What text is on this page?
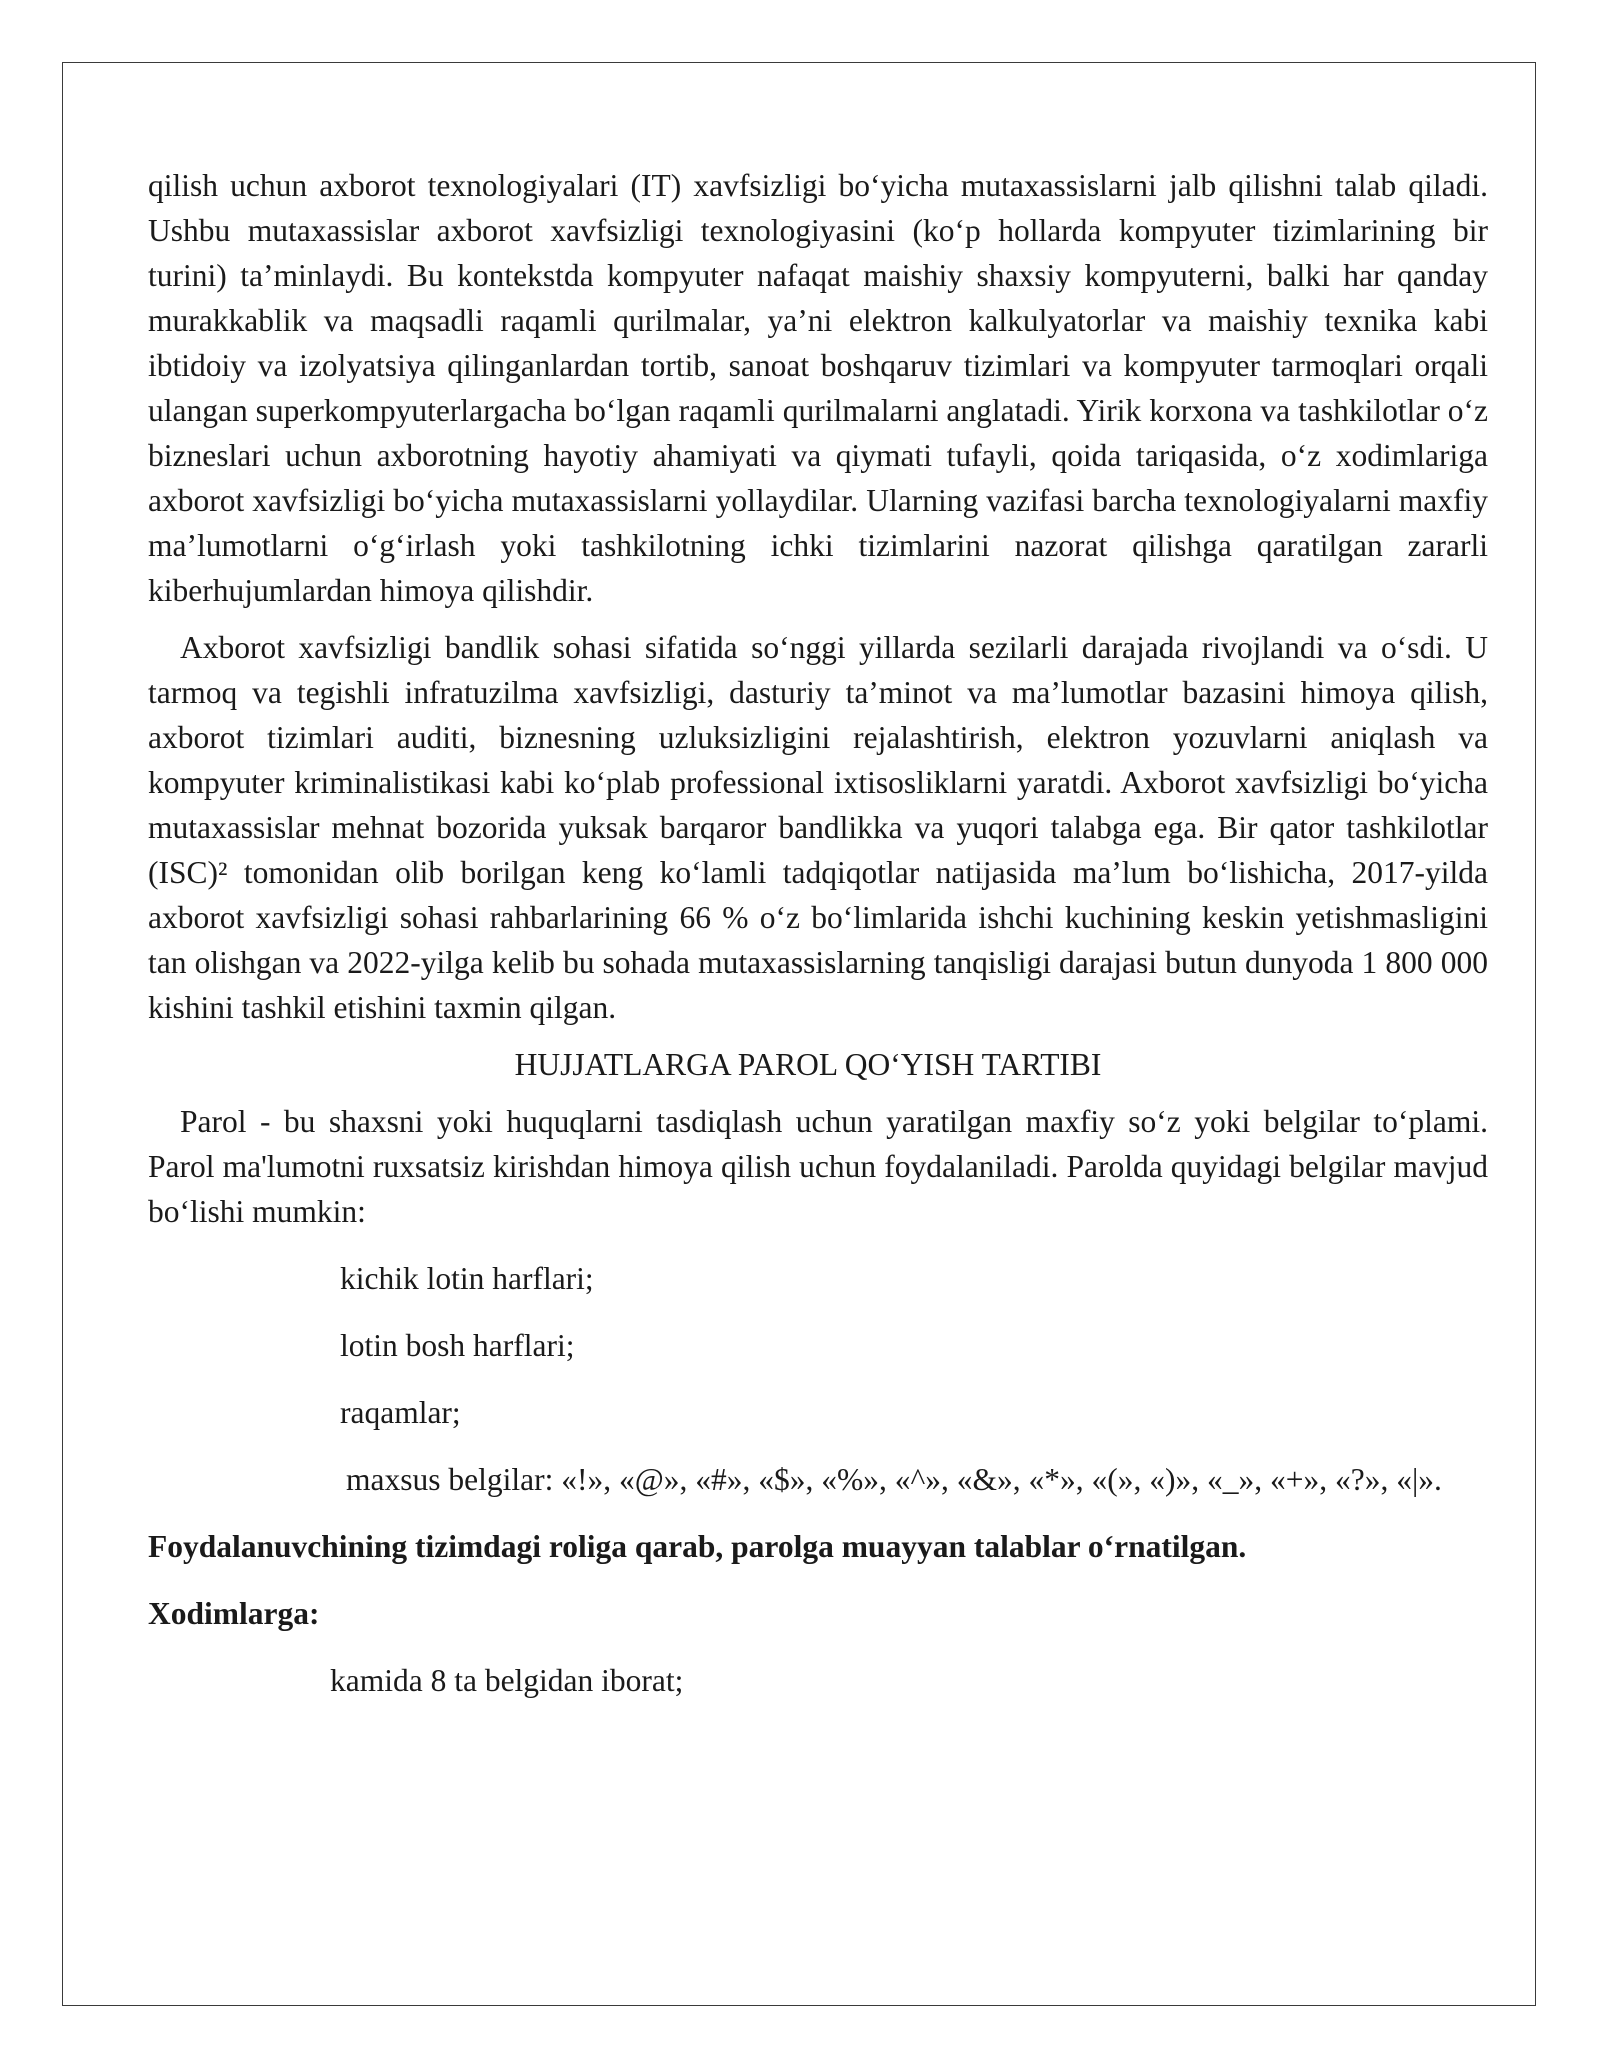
qilish uchun axborot texnologiyalari (IT) xavfsizligi bo‘yicha mutaxassislarni jalb qilishni talab qiladi. Ushbu mutaxassislar axborot xavfsizligi texnologiyasini (ko‘p hollarda kompyuter tizimlarining bir turini) ta’minlaydi. Bu kontekstda kompyuter nafaqat maishiy shaxsiy kompyuterni, balki har qanday murakkablik va maqsadli raqamli qurilmalar, ya’ni elektron kalkulyatorlar va maishiy texnika kabi ibtidoiy va izolyatsiya qilinganlardan tortib, sanoat boshqaruv tizimlari va kompyuter tarmoqlari orqali ulangan superkompyuterlargacha bo‘lgan raqamli qurilmalarni anglatadi. Yirik korxona va tashkilotlar o‘z bizneslari uchun axborotning hayotiy ahamiyati va qiymati tufayli, qoida tariqasida, o‘z xodimlariga axborot xavfsizligi bo‘yicha mutaxassislarni yollaydilar. Ularning vazifasi barcha texnologiyalarni maxfiy ma’lumotlarni o‘g‘irlash yoki tashkilotning ichki tizimlarini nazorat qilishga qaratilgan zararli kiberhujumlardan himoya qilishdir.

Axborot xavfsizligi bandlik sohasi sifatida so‘nggi yillarda sezilarli darajada rivojlandi va o‘sdi. U tarmoq va tegishli infratuzilma xavfsizligi, dasturiy ta’minot va ma’lumotlar bazasini himoya qilish, axborot tizimlari auditi, biznesning uzluksizligini rejalashtirish, elektron yozuvlarni aniqlash va kompyuter kriminalistikasi kabi ko‘plab professional ixtisosliklarni yaratdi. Axborot xavfsizligi bo‘yicha mutaxassislar mehnat bozorida yuksak barqaror bandlikka va yuqori talabga ega. Bir qator tashkilotlar (ISC)² tomonidan olib borilgan keng ko‘lamli tadqiqotlar natijasida ma’lum bo‘lishicha, 2017-yilda axborot xavfsizligi sohasi rahbarlarining 66 % o‘z bo‘limlarida ishchi kuchining keskin yetishmasligini tan olishgan va 2022-yilga kelib bu sohada mutaxassislarning tanqisligi darajasi butun dunyoda 1 800 000 kishini tashkil etishini taxmin qilgan.

HUJJATLARGA PAROL QO‘YISH TARTIBI

Parol - bu shaxsni yoki huquqlarni tasdiqlash uchun yaratilgan maxfiy so‘z yoki belgilar to‘plami. Parol ma'lumotni ruxsatsiz kirishdan himoya qilish uchun foydalaniladi. Parolda quyidagi belgilar mavjud bo‘lishi mumkin:

kichik lotin harflari;

lotin bosh harflari;

raqamlar;

maxsus belgilar: «!», «@», «#», «$», «%», «^», «&», «*», «(», «)», «_», «+», «?», «|».

Foydalanuvchining tizimdagi roliga qarab, parolga muayyan talablar o‘rnatilgan.

Xodimlarga:

kamida 8 ta belgidan iborat;
